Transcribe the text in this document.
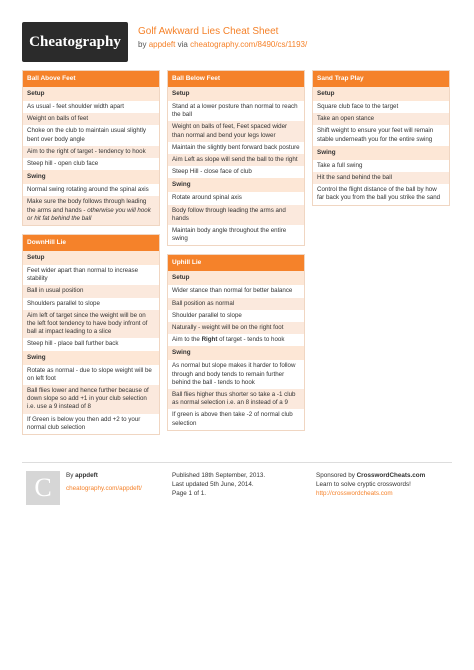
Cheatography
Golf Awkward Lies Cheat Sheet
by appdeft via cheatography.com/8490/cs/1193/
Ball Above Feet
Setup
As usual - feet shoulder width apart
Weight on balls of feet
Choke on the club to maintain usual slightly bent over body angle
Aim to the right of target - tendency to hook
Steep hill - open club face
Swing
Normal swing rotating around the spinal axis
Make sure the body follows through leading the arms and hands - otherwise you will hook or hit fat behind the ball
DownHill Lie
Setup
Feet wider apart than normal to increase stability
Ball in usual position
Shoulders parallel to slope
Aim left of target since the weight will be on the left foot tendency to have body infront of ball at impact leading to a slice
Steep hill - place ball further back
Swing
Rotate as normal - due to slope weight will be on left foot
Ball flies lower and hence further because of down slope so add +1 in your club selection i.e. use a 9 instead of 8
If Green is below you then add +2 to your normal club selection
Ball Below Feet
Setup
Stand at a lower posture than normal to reach the ball
Weight on balls of feet, Feet spaced wider than normal and bend your legs lower
Maintain the slightly bent forward back posture
Aim Left as slope will send the ball to the right
Steep Hill - close face of club
Swing
Rotate around spinal axis
Body follow through leading the arms and hands
Maintain body angle throughout the entire swing
Uphill Lie
Setup
Wider stance than normal for better balance
Ball position as normal
Shoulder parallel to slope
Naturally - weight will be on the right foot
Aim to the Right of target - tends to hook
Swing
As normal but slope makes it harder to follow through and body tends to remain further behind the ball - tends to hook
Ball flies higher thus shorter so take a -1 club as normal selection i.e. an 8 instead of a 9
If green is above then take -2 of normal club selection
Sand Trap Play
Setup
Square club face to the target
Take an open stance
Shift weight to ensure your feet will remain stable underneath you for the entire swing
Swing
Take a full swing
Hit the sand behind the ball
Control the flight distance of the ball by how far back you from the ball you strike the sand
C	By appdeft
cheatography.com/appdeft/
Published 18th September, 2013.
Last updated 5th June, 2014.
Page 1 of 1.
Sponsored by CrosswordCheats.com
Learn to solve cryptic crosswords!
http://crosswordcheats.com
